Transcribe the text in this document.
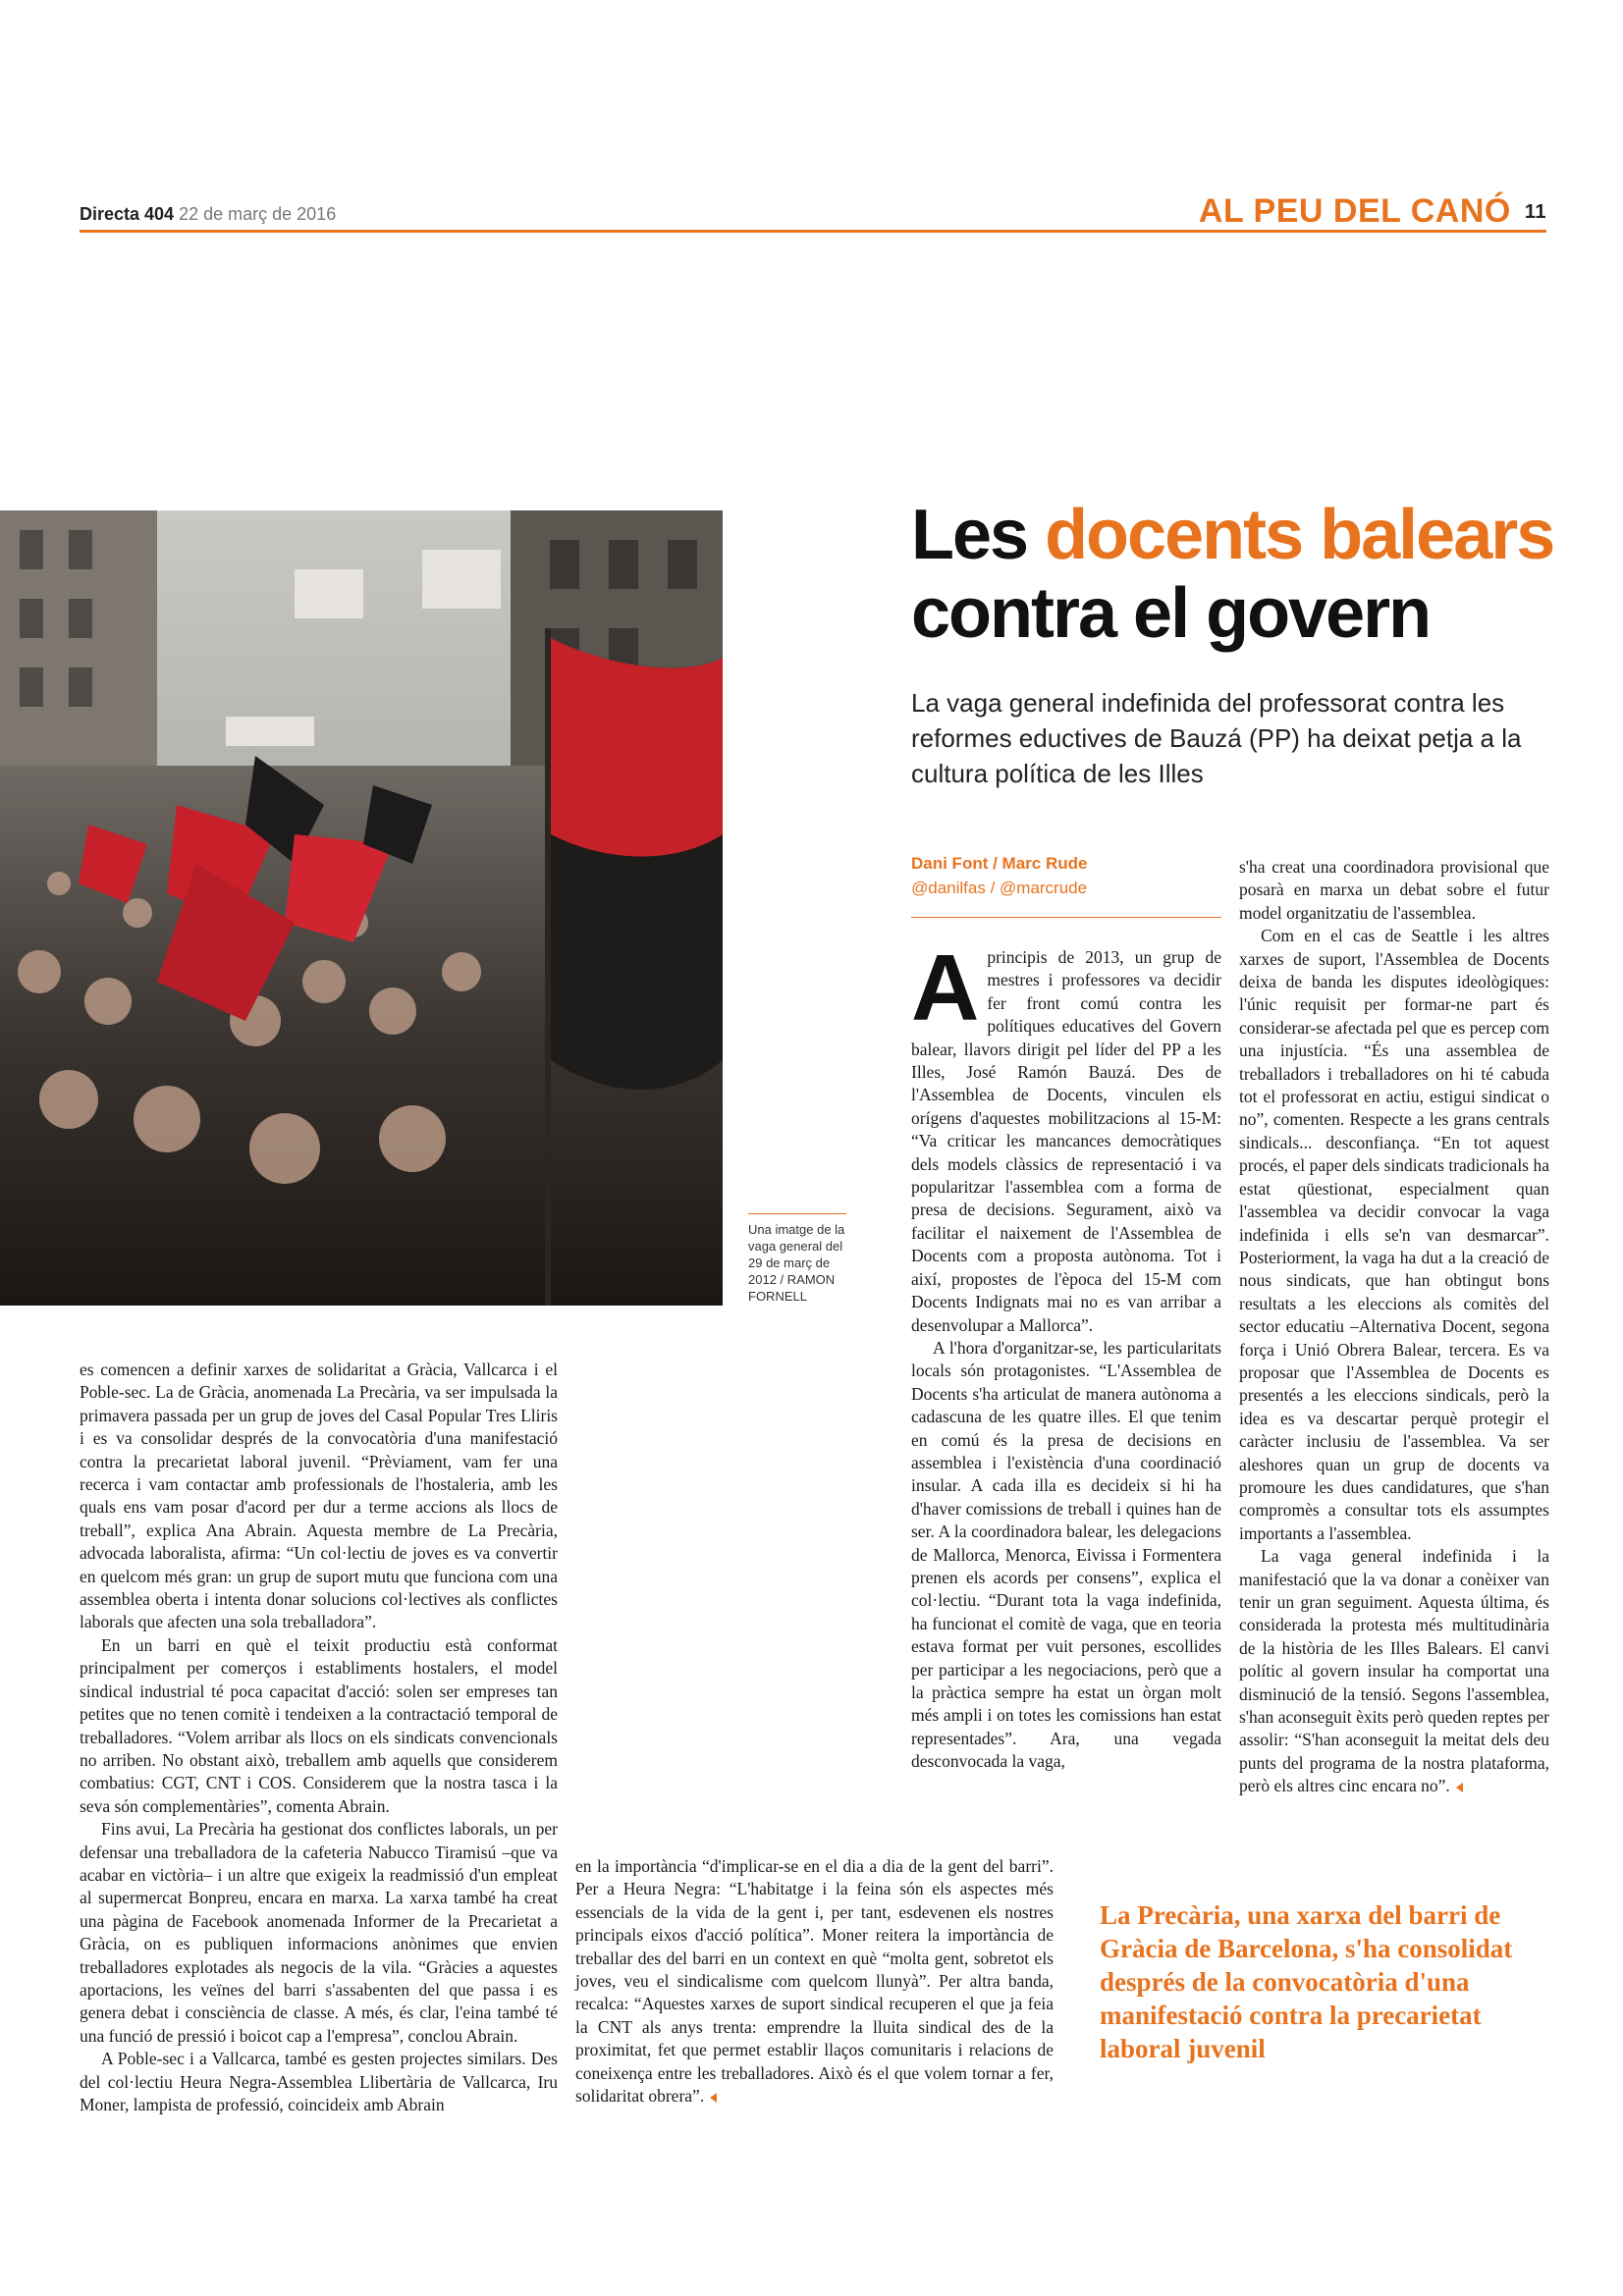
Directa 404 22 de març de 2016	AL PEU DEL CANÓ 11
Una imatge de la vaga general del 29 de març de 2012 / RAMON FORNELL
Les docents balears
contra el govern
La vaga general indefinida del professorat contra les reformes eductives de Bauzá (PP) ha deixat petja a la cultura política de les Illes
Dani Font / Marc Rude
@danilfas / @marcrude

Aprincipis de 2013, un grup de mestres i professores va decidir fer front comú contra les polítiques educatives del Govern balear, llavors dirigit pel líder del PP a les Illes, José Ramón Bauzá. Des de l'Assemblea de Docents, vinculen els orígens d'aquestes mobilitzacions al 15-M: “Va criticar les mancances democràtiques dels models clàssics de representació i va popularitzar l'assemblea com a forma de presa de decisions. Segurament, això va facilitar el naixement de l'Assemblea de Docents com a proposta autònoma. Tot i així, propostes de l'època del 15-M com Docents Indignats mai no es van arribar a desenvolupar a Mallorca”.

A l'hora d'organitzar-se, les particularitats locals són protagonistes. “L'Assemblea de Docents s'ha articulat de manera autònoma a cadascuna de les quatre illes. El que tenim en comú és la presa de decisions en assemblea i l'existència d'una coordinació insular. A cada illa es decideix si hi ha d'haver comissions de treball i quines han de ser. A la coordinadora balear, les delegacions de Mallorca, Menorca, Eivissa i Formentera prenen els acords per consens”, explica el col·lectiu. “Durant tota la vaga indefinida, ha funcionat el comitè de vaga, que en teoria estava format per vuit persones, escollides per participar a les negociacions, però que a la pràctica sempre ha estat un òrgan molt més ampli i on totes les comissions han estat representades”. Ara, una vegada desconvocada la vaga,

s'ha creat una coordinadora provisional que posarà en marxa un debat sobre el futur model organitzatiu de l'assemblea.

Com en el cas de Seattle i les altres xarxes de suport, l'Assemblea de Docents deixa de banda les disputes ideològiques: l'únic requisit per formar-ne part és considerar-se afectada pel que es percep com una injustícia. “És una assemblea de treballadors i treballadores on hi té cabuda tot el professorat en actiu, estigui sindicat o no”, comenten. Respecte a les grans centrals sindicals... desconfiança. “En tot aquest procés, el paper dels sindicats tradicionals ha estat qüestionat, especialment quan l'assemblea va decidir convocar la vaga indefinida i ells se'n van desmarcar”. Posteriorment, la vaga ha dut a la creació de nous sindicats, que han obtingut bons resultats a les eleccions als comitès del sector educatiu –Alternativa Docent, segona força i Unió Obrera Balear, tercera. Es va proposar que l'Assemblea de Docents es presentés a les eleccions sindicals, però la idea es va descartar perquè protegir el caràcter inclusiu de l'assemblea. Va ser aleshores quan un grup de docents va promoure les dues candidatures, que s'han compromès a consultar tots els assumptes importants a l'assemblea.

La vaga general indefinida i la manifestació que la va donar a conèixer van tenir un gran seguiment. Aquesta última, és considerada la protesta més multitudinària de la història de les Illes Balears. El canvi polític al govern insular ha comportat una disminució de la tensió. Segons l'assemblea, s'han aconseguit èxits però queden reptes per assolir: “S'han aconseguit la meitat dels deu punts del programa de la nostra plataforma, però els altres cinc encara no”.

es comencen a definir xarxes de solidaritat a Gràcia, Vallcarca i el Poble-sec. La de Gràcia, anomenada La Precària, va ser impulsada la primavera passada per un grup de joves del Casal Popular Tres Lliris i es va consolidar després de la convocatòria d'una manifestació contra la precarietat laboral juvenil. “Prèviament, vam fer una recerca i vam contactar amb professionals de l'hostaleria, amb les quals ens vam posar d'acord per dur a terme accions als llocs de treball”, explica Ana Abrain. Aquesta membre de La Precària, advocada laboralista, afirma: “Un col·lectiu de joves es va convertir en quelcom més gran: un grup de suport mutu que funciona com una assemblea oberta i intenta donar solucions col·lectives als conflictes laborals que afecten una sola treballadora”.

En un barri en què el teixit productiu està conformat principalment per comerços i establiments hostalers, el model sindical industrial té poca capacitat d'acció: solen ser empreses tan petites que no tenen comitè i tendeixen a la contractació temporal de treballadores. “Volem arribar als llocs on els sindicats convencionals no arriben. No obstant això, treballem amb aquells que considerem combatius: CGT, CNT i COS. Considerem que la nostra tasca i la seva són complementàries”, comenta Abrain.

Fins avui, La Precària ha gestionat dos conflictes laborals, un per defensar una treballadora de la cafeteria Nabucco Tiramisú –que va acabar en victòria– i un altre que exigeix la readmissió d'un empleat al supermercat Bonpreu, encara en marxa. La xarxa també ha creat una pàgina de Facebook anomenada Informer de la Precarietat a Gràcia, on es publiquen informacions anònimes que envien treballadores explotades als negocis de la vila. “Gràcies a aquestes aportacions, les veïnes del barri s'assabenten del que passa i es genera debat i consciència de classe. A més, és clar, l'eina també té una funció de pressió i boicot cap a l'empresa”, conclou Abrain.

A Poble-sec i a Vallcarca, també es gesten projectes similars. Des del col·lectiu Heura Negra-Assemblea Llibertària de Vallcarca, Iru Moner, lampista de professió, coincideix amb Abrain

en la importància “d'implicar-se en el dia a dia de la gent del barri”. Per a Heura Negra: “L'habitatge i la feina són els aspectes més essencials de la vida de la gent i, per tant, esdevenen els nostres principals eixos d'acció política”. Moner reitera la importància de treballar des del barri en un context en què “molta gent, sobretot els joves, veu el sindicalisme com quelcom llunyà”. Per altra banda, recalca: “Aquestes xarxes de suport sindical recuperen el que ja feia la CNT als anys trenta: emprendre la lluita sindical des de la proximitat, fet que permet establir llaços comunitaris i relacions de coneixença entre les treballadores. Això és el que volem tornar a fer, solidaritat obrera”.

La Precària, una xarxa del barri de Gràcia de Barcelona, s'ha consolidat després de la convocatòria d'una manifestació contra la precarietat laboral juvenil
